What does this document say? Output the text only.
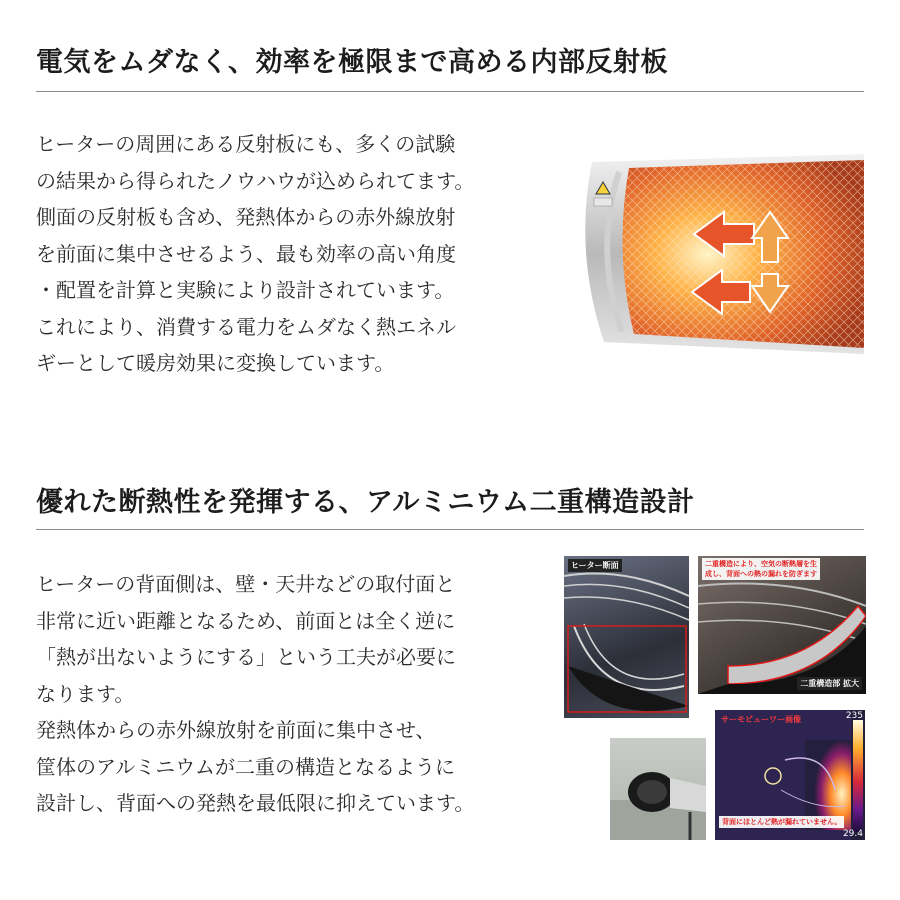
電気をムダなく、効率を極限まで高める内部反射板
ヒーターの周囲にある反射板にも、多くの試験
の結果から得られたノウハウが込められてます。
側面の反射板も含め、発熱体からの赤外線放射
を前面に集中させるよう、最も効率の高い角度
・配置を計算と実験により設計されています。
これにより、消費する電力をムダなく熱エネル
ギーとして暖房効果に変換しています。
優れた断熱性を発揮する、アルミニウム二重構造設計
ヒーターの背面側は、壁・天井などの取付面と
非常に近い距離となるため、前面とは全く逆に
「熱が出ないようにする」という工夫が必要に
なります。
発熱体からの赤外線放射を前面に集中させ、
筐体のアルミニウムが二重の構造となるように
設計し、背面への発熱を最低限に抑えています。
ヒーター断面	二重構造により、空気の断熱層を生成し、背面への熱の漏れを防ぎます
二重構造部 拡大
サーモビューワー画像	235
29.4
背面にほとんど熱が漏れていません。
